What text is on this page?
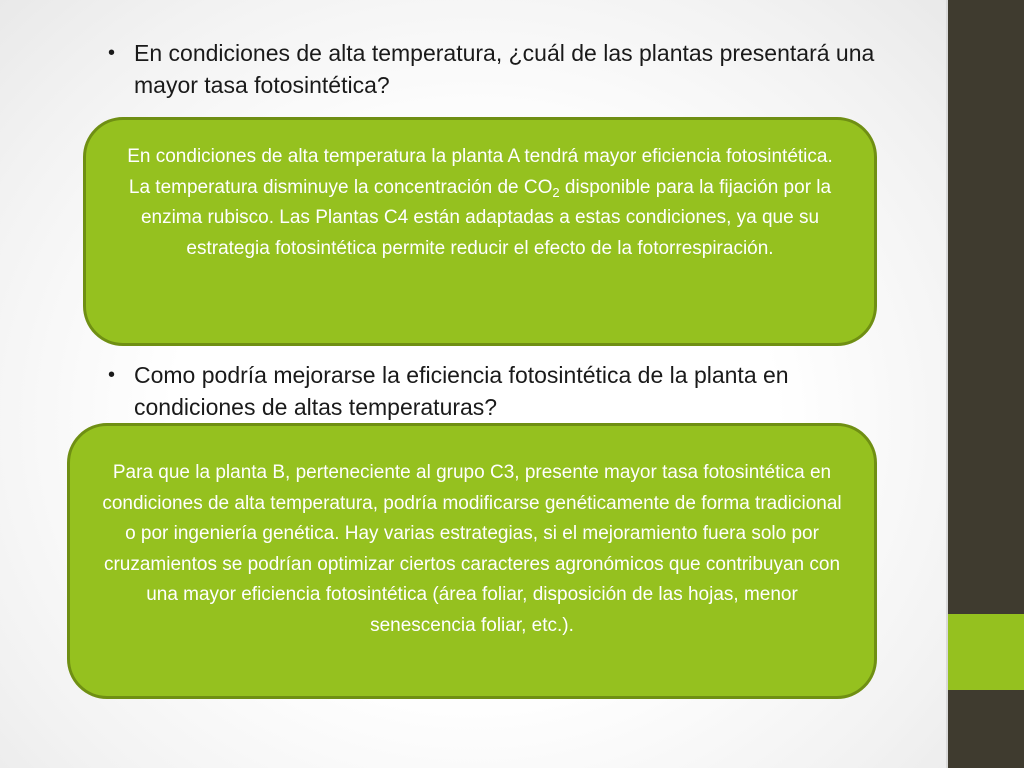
• En condiciones de alta temperatura, ¿cuál de las plantas presentará una mayor tasa fotosintética?

En condiciones de alta temperatura la planta A tendrá mayor eficiencia fotosintética. La temperatura disminuye la concentración de $CO_2$ disponible para la fijación por la enzima rubisco. Las Plantas C4 están adaptadas a estas condiciones, ya que su estrategia fotosintética permite reducir el efecto de la fotorrespiración.

• Como podría mejorarse la eficiencia fotosintética de la planta en condiciones de altas temperaturas?

Para que la planta B, perteneciente al grupo C3, presente mayor tasa fotosintética en condiciones de alta temperatura, podría modificarse genéticamente de forma tradicional o por ingeniería genética. Hay varias estrategias, si el mejoramiento fuera solo por cruzamientos se podrían optimizar ciertos caracteres agronómicos que contribuyan con una mayor eficiencia fotosintética (área foliar, disposición de las hojas, menor senescencia foliar, etc.).
